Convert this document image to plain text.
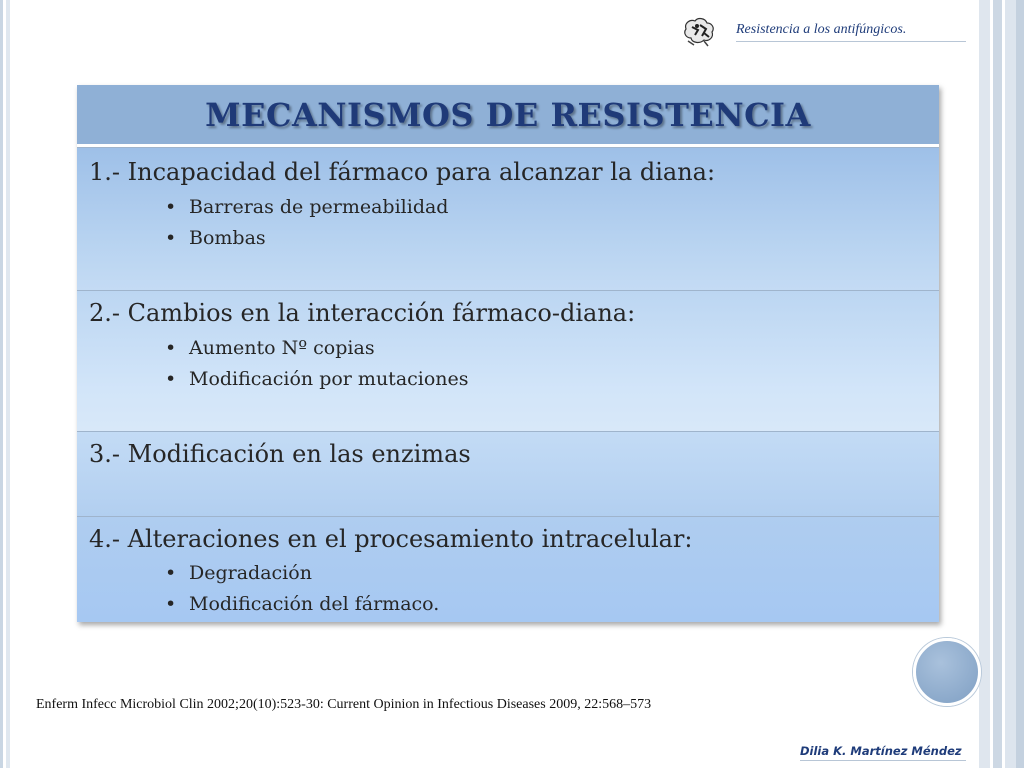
Resistencia a los antifúngicos.
MECANISMOS DE RESISTENCIA
1.- Incapacidad del fármaco para alcanzar la diana:
• Barreras de permeabilidad
• Bombas
2.- Cambios en la interacción fármaco-diana:
• Aumento Nº copias
• Modificación por mutaciones
3.- Modificación en las enzimas
4.- Alteraciones en el procesamiento intracelular:
• Degradación
• Modificación del fármaco.
Enferm Infecc Microbiol Clin 2002;20(10):523-30: Current Opinion in Infectious Diseases 2009, 22:568–573
Dilia K. Martínez Méndez
